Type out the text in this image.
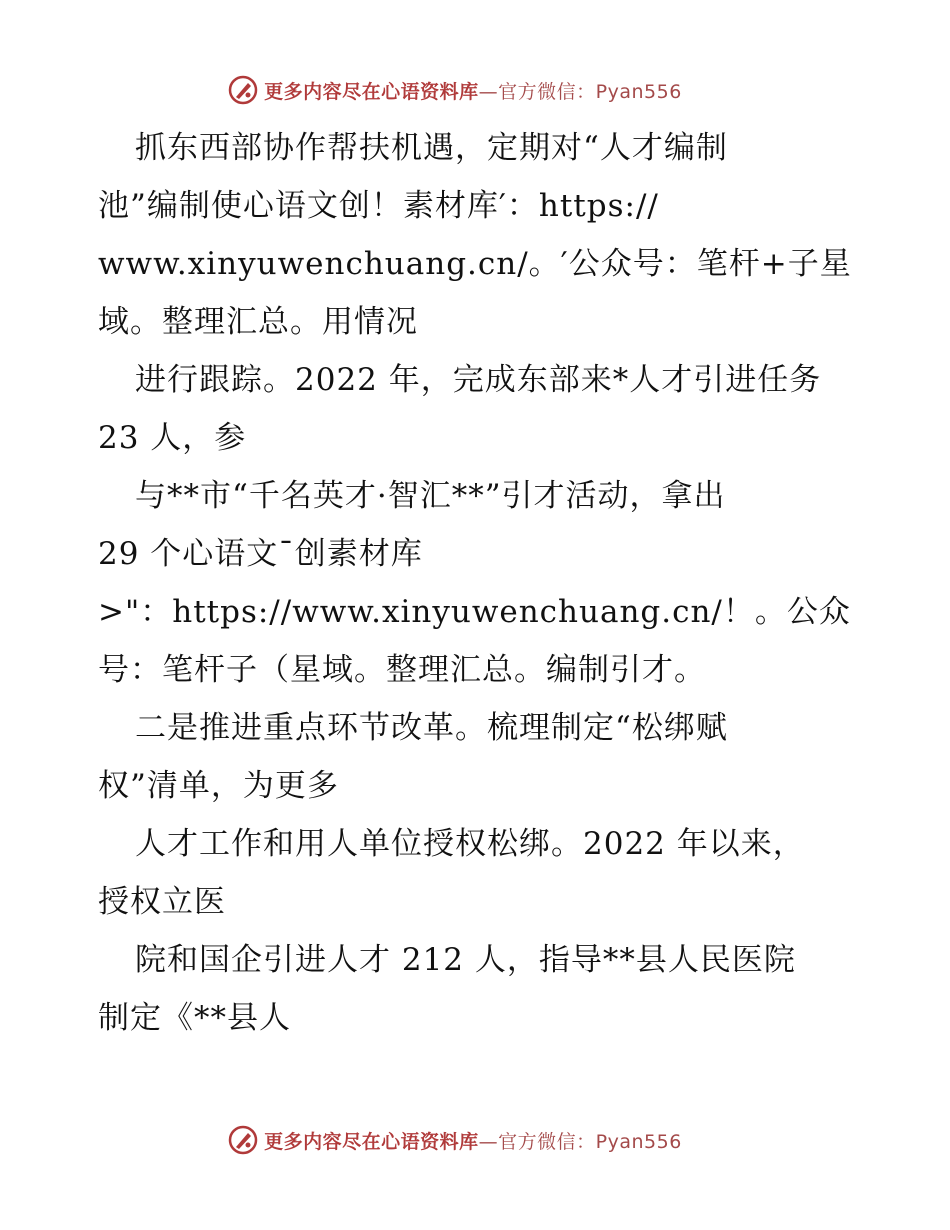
更多内容尽在心语资料库—官方微信：Pyan556
抓东西部协作帮扶机遇，定期对“人才编制
池”编制使心语文创！素材库′：https://
www.xinyuwenchuang.cn/。′公众号：笔杆+子星
域。整理汇总。用情况
进行跟踪。2022 年，完成东部来*人才引进任务
23 人，参
与**市“千名英才·智汇**”引才活动，拿出
29 个心语文¯创素材库
>"：https://www.xinyuwenchuang.cn/！。公众
号：笔杆子（星域。整理汇总。编制引才。
二是推进重点环节改革。梳理制定“松绑赋
权”清单，为更多
人才工作和用人单位授权松绑。2022 年以来，
授权立医
院和国企引进人才 212 人，指导**县人民医院
制定《**县人
更多内容尽在心语资料库—官方微信：Pyan556
